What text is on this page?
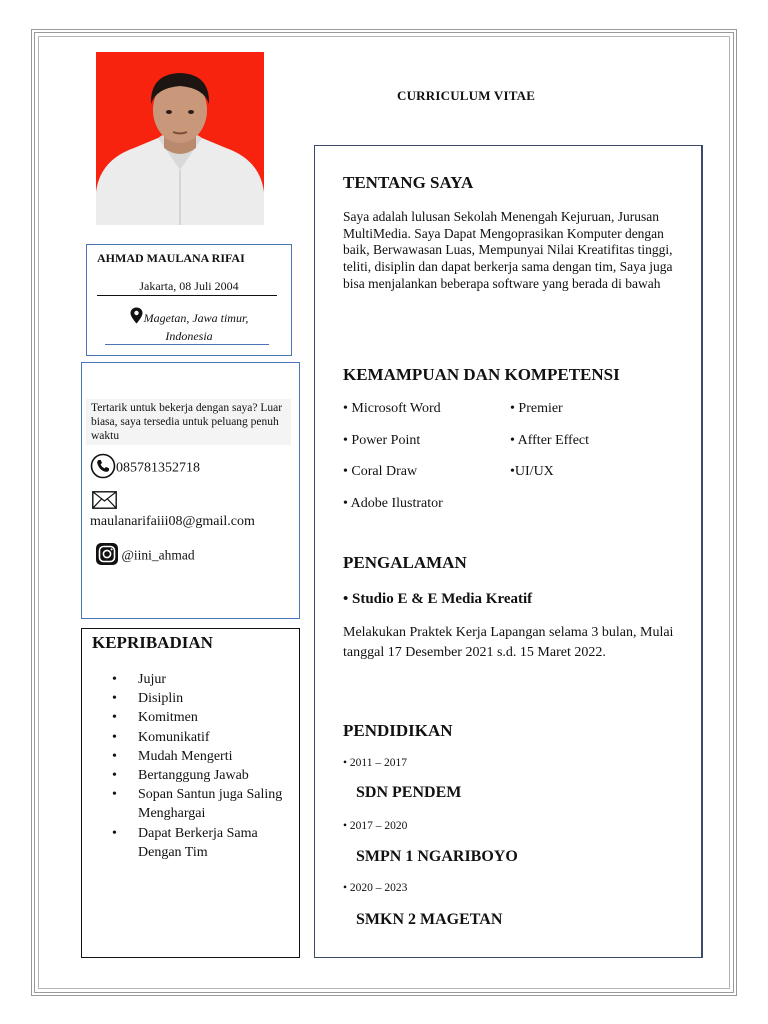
AHMAD MAULANA RIFAI
Jakarta, 08 Juli 2004
Magetan, Jawa timur,
Indonesia
Tertarik untuk bekerja dengan saya? Luar biasa, saya tersedia untuk peluang penuh waktu
085781352718

maulanarifaiii08@gmail.com
@iini_ahmad
KEPRIBADIAN
• Jujur
• Disiplin
• Komitmen
• Komunikatif
• Mudah Mengerti
• Bertanggung Jawab
• Sopan Santun juga Saling Menghargai
• Dapat Berkerja Sama Dengan Tim
CURRICULUM VITAE
TENTANG SAYA
Saya adalah lulusan Sekolah Menengah Kejuruan, Jurusan MultiMedia. Saya Dapat Mengoprasikan Komputer dengan baik, Berwawasan Luas, Mempunyai Nilai Kreatifitas tinggi, teliti, disiplin dan dapat berkerja sama dengan tim, Saya juga bisa menjalankan beberapa software yang berada di bawah
KEMAMPUAN DAN KOMPETENSI
• Microsoft Word
• Power Point
• Coral Draw
• Adobe Ilustrator
• Premier
• Affter Effect
•UI/UX
PENGALAMAN
• Studio E & E Media Kreatif
Melakukan Praktek Kerja Lapangan selama 3 bulan, Mulai tanggal 17 Desember 2021 s.d. 15 Maret 2022.
PENDIDIKAN
• 2011 – 2017
SDN PENDEM
• 2017 – 2020
SMPN 1 NGARIBOYO
• 2020 – 2023
SMKN 2 MAGETAN
